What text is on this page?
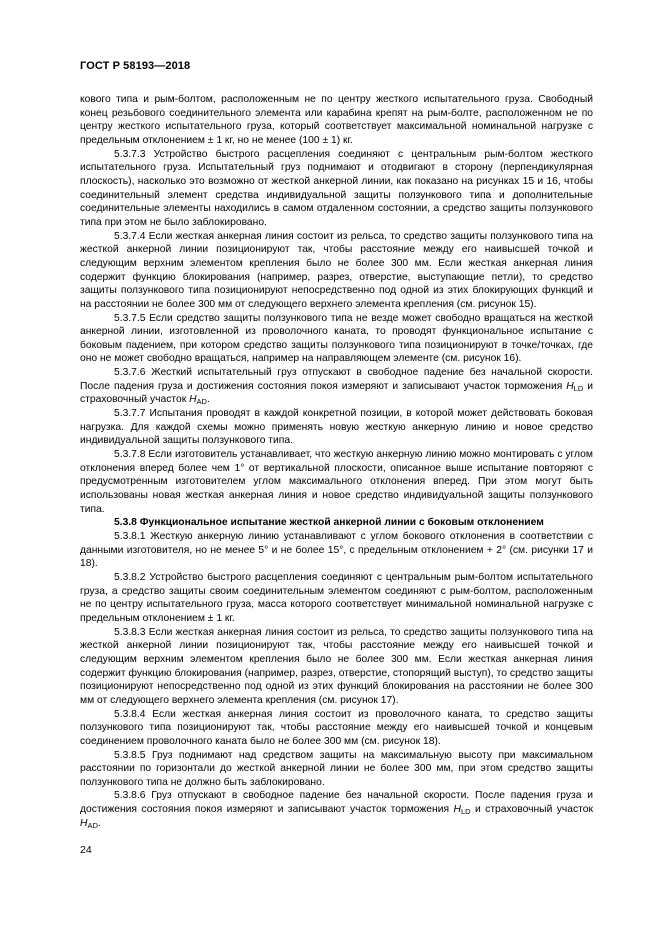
ГОСТ Р 58193—2018

кового типа и рым-болтом, расположенным не по центру жесткого испытательного груза. Свободный конец резьбового соединительного элемента или карабина крепят на рым-болте, расположенном не по центру жесткого испытательного груза, который соответствует максимальной номинальной нагрузке с предельным отклонением ± 1 кг, но не менее (100 ± 1) кг.

5.3.7.3 Устройство быстрого расцепления соединяют с центральным рым-болтом жесткого испытательного груза. Испытательный груз поднимают и отодвигают в сторону (перпендикулярная плоскость), насколько это возможно от жесткой анкерной линии, как показано на рисунках 15 и 16, чтобы соединительный элемент средства индивидуальной защиты ползункового типа и дополнительные соединительные элементы находились в самом отдаленном состоянии, а средство защиты ползункового типа при этом не было заблокировано.

5.3.7.4 Если жесткая анкерная линия состоит из рельса, то средство защиты ползункового типа на жесткой анкерной линии позиционируют так, чтобы расстояние между его наивысшей точкой и следующим верхним элементом крепления было не более 300 мм. Если жесткая анкерная линия содержит функцию блокирования (например, разрез, отверстие, выступающие петли), то средство защиты ползункового типа позиционируют непосредственно под одной из этих блокирующих функций и на расстоянии не более 300 мм от следующего верхнего элемента крепления (см. рисунок 15).

5.3.7.5 Если средство защиты ползункового типа не везде может свободно вращаться на жесткой анкерной линии, изготовленной из проволочного каната, то проводят функциональное испытание с боковым падением, при котором средство защиты ползункового типа позиционируют в точке/точках, где оно не может свободно вращаться, например на направляющем элементе (см. рисунок 16).

5.3.7.6 Жесткий испытательный груз отпускают в свободное падение без начальной скорости. После падения груза и достижения состояния покоя измеряют и записывают участок торможения $H_{LD}$ и страховочный участок $H_{AD}$.

5.3.7.7 Испытания проводят в каждой конкретной позиции, в которой может действовать боковая нагрузка. Для каждой схемы можно применять новую жесткую анкерную линию и новое средство индивидуальной защиты ползункового типа.

5.3.7.8 Если изготовитель устанавливает, что жесткую анкерную линию можно монтировать с углом отклонения вперед более чем 1° от вертикальной плоскости, описанное выше испытание повторяют с предусмотренным изготовителем углом максимального отклонения вперед. При этом могут быть использованы новая жесткая анкерная линия и новое средство индивидуальной защиты ползункового типа.

5.3.8 Функциональное испытание жесткой анкерной линии с боковым отклонением

5.3.8.1 Жесткую анкерную линию устанавливают с углом бокового отклонения в соответствии с данными изготовителя, но не менее 5° и не более 15°, с предельным отклонением + 2° (см. рисунки 17 и 18).

5.3.8.2 Устройство быстрого расцепления соединяют с центральным рым-болтом испытательного груза, а средство защиты своим соединительным элементом соединяют с рым-болтом, расположенным не по центру испытательного груза, масса которого соответствует минимальной номинальной нагрузке с предельным отклонением ± 1 кг.

5.3.8.3 Если жесткая анкерная линия состоит из рельса, то средство защиты ползункового типа на жесткой анкерной линии позиционируют так, чтобы расстояние между его наивысшей точкой и следующим верхним элементом крепления было не более 300 мм. Если жесткая анкерная линия содержит функцию блокирования (например, разрез, отверстие, стопорящий выступ), то средство защиты позиционируют непосредственно под одной из этих функций блокирования на расстоянии не более 300 мм от следующего верхнего элемента крепления (см. рисунок 17).

5.3.8.4 Если жесткая анкерная линия состоит из проволочного каната, то средство защиты ползункового типа позиционируют так, чтобы расстояние между его наивысшей точкой и концевым соединением проволочного каната было не более 300 мм (см. рисунок 18).

5.3.8.5 Груз поднимают над средством защиты на максимальную высоту при максимальном расстоянии по горизонтали до жесткой анкерной линии не более 300 мм, при этом средство защиты ползункового типа не должно быть заблокировано.

5.3.8.6 Груз отпускают в свободное падение без начальной скорости. После падения груза и достижения состояния покоя измеряют и записывают участок торможения $H_{LD}$ и страховочный участок $H_{AD}$.

24
